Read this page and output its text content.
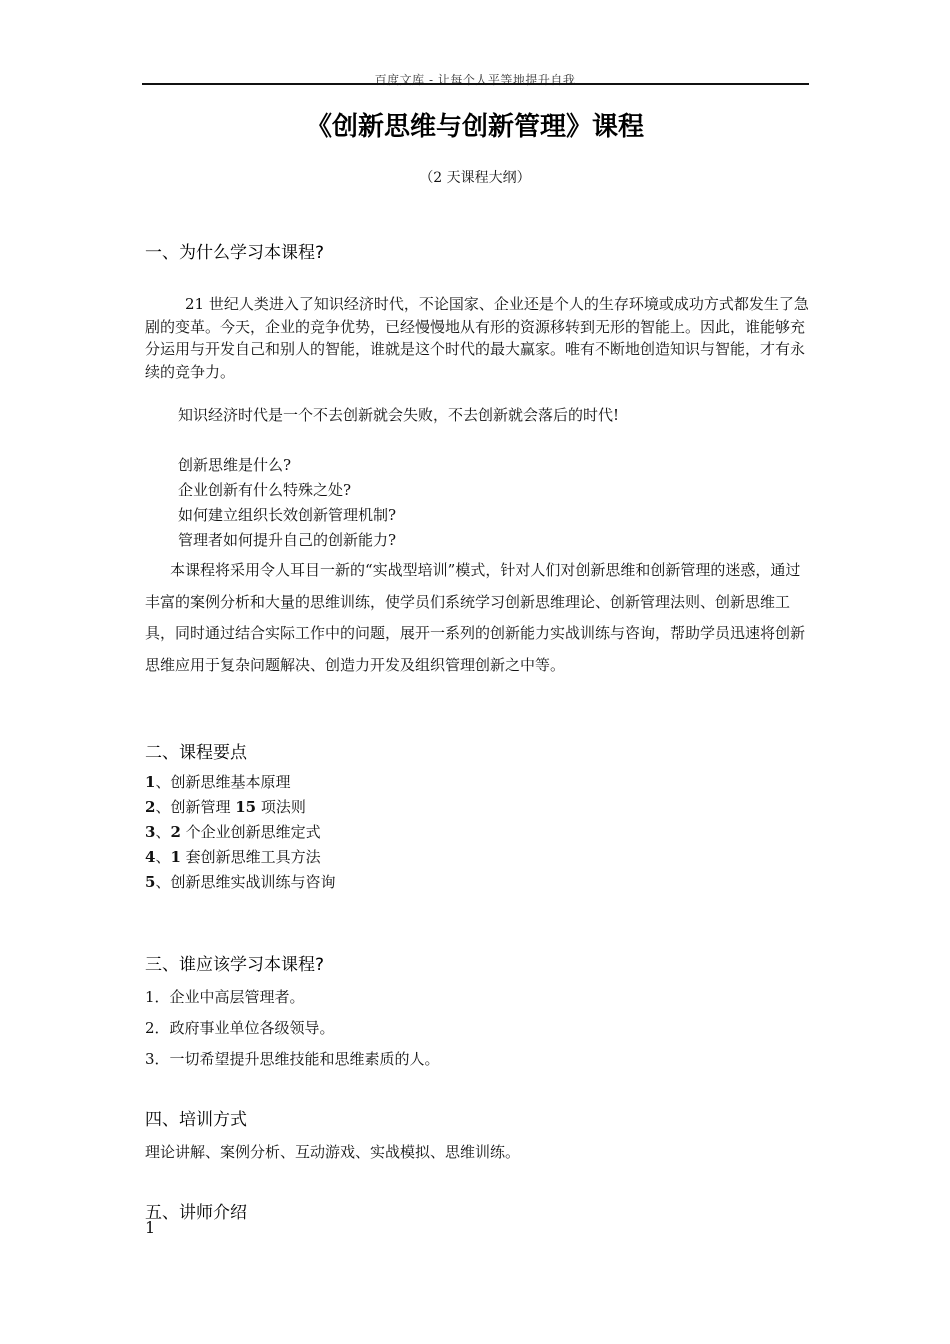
百度文库 - 让每个人平等地提升自我
《创新思维与创新管理》课程
（2 天课程大纲）
一、为什么学习本课程?
21 世纪人类进入了知识经济时代，不论国家、企业还是个人的生存环境或成功方式都发生了急剧的变革。今天，企业的竞争优势，已经慢慢地从有形的资源移转到无形的智能上。因此，谁能够充分运用与开发自己和别人的智能，谁就是这个时代的最大赢家。唯有不断地创造知识与智能，才有永续的竞争力。
知识经济时代是一个不去创新就会失败，不去创新就会落后的时代!
创新思维是什么?
企业创新有什么特殊之处?
如何建立组织长效创新管理机制?
管理者如何提升自己的创新能力?
本课程将采用令人耳目一新的“实战型培训”模式，针对人们对创新思维和创新管理的迷惑，通过丰富的案例分析和大量的思维训练，使学员们系统学习创新思维理论、创新管理法则、创新思维工具，同时通过结合实际工作中的问题，展开一系列的创新能力实战训练与咨询，帮助学员迅速将创新思维应用于复杂问题解决、创造力开发及组织管理创新之中等。
二、课程要点
1、创新思维基本原理
2、创新管理 15 项法则
3、2 个企业创新思维定式
4、1 套创新思维工具方法
5、创新思维实战训练与咨询
三、谁应该学习本课程?
1．企业中高层管理者。
2．政府事业单位各级领导。
3．一切希望提升思维技能和思维素质的人。
四、培训方式
理论讲解、案例分析、互动游戏、实战模拟、思维训练。
五、讲师介绍
1
